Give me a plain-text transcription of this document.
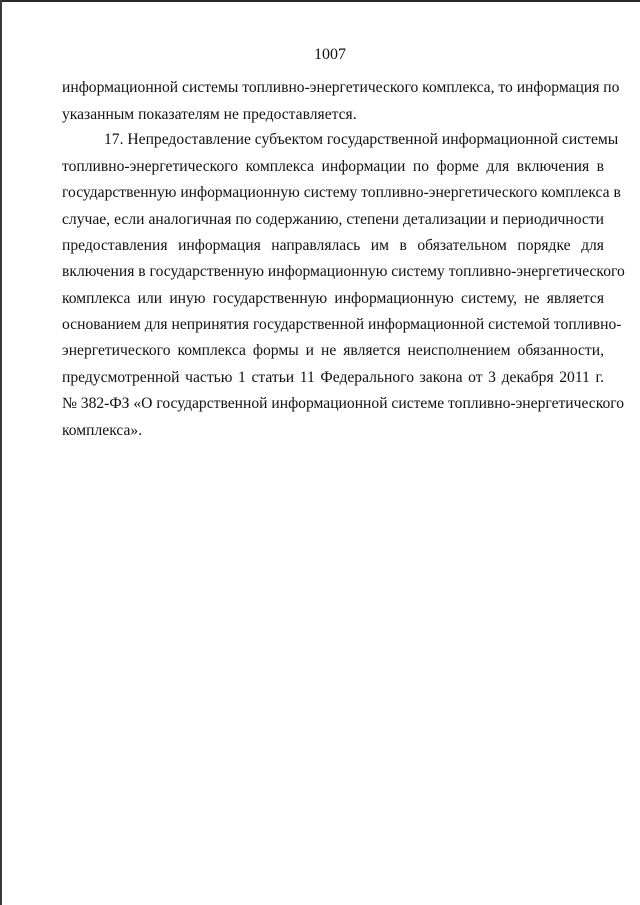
1007
информационной системы топливно-энергетического комплекса, то информация по
указанным показателям не предоставляется.
17. Непредоставление субъектом государственной информационной системы
топливно-энергетического комплекса информации по форме для включения в
государственную информационную систему топливно-энергетического комплекса в
случае, если аналогичная по содержанию, степени детализации и периодичности
предоставления информация направлялась им в обязательном порядке для
включения в государственную информационную систему топливно-энергетического
комплекса или иную государственную информационную систему, не является
основанием для непринятия государственной информационной системой топливно-
энергетического комплекса формы и не является неисполнением обязанности,
предусмотренной частью 1 статьи 11 Федерального закона от 3 декабря 2011 г.
№ 382-ФЗ «О государственной информационной системе топливно-энергетического
комплекса».
